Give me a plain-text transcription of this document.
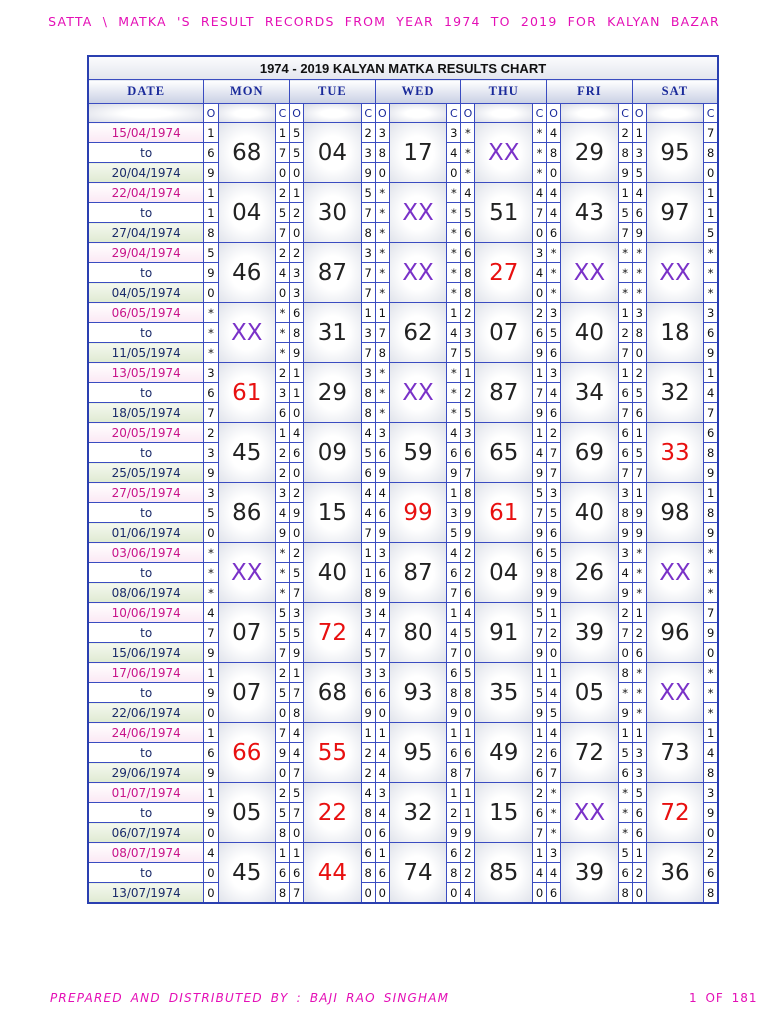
SATTA \ MATKA 'S RESULT RECORDS FROM YEAR 1974 TO 2019 FOR KALYAN BAZAR
1974 - 2019 KALYAN MATKA RESULTS CHART																		
DATE	MON			TUE			WED			THU			FRI			SAT		
	O		C	O		C	O		C	O		C	O		C	O		C
15/04/1974	1	68	1	5	04	2	3	17	3	*	XX	*	4	29	2	1	95	7
to	6		7	5		3	8		4	*		*	8		8	3		8
20/04/1974	9		0	0		9	0		0	*		*	0		9	5		0
22/04/1974	1	04	2	1	30	5	*	XX	*	4	51	4	4	43	1	4	97	1
to	1		5	2		7	*		*	5		7	4		5	6		1
27/04/1974	8		7	0		8	*		*	6		0	6		7	9		5
29/04/1974	5	46	2	2	87	3	*	XX	*	6	27	3	*	XX	*	*	XX	*
to	9		4	3		7	*		*	8		4	*		*	*		*
04/05/1974	0		0	3		7	*		*	8		0	*		*	*		*
06/05/1974	*	XX	*	6	31	1	1	62	1	2	07	2	3	40	1	3	18	3
to	*		*	8		3	7		4	3		6	5		2	8		6
11/05/1974	*		*	9		7	8		7	5		9	6		7	0		9
13/05/1974	3	61	2	1	29	3	*	XX	*	1	87	1	3	34	1	2	32	1
to	6		3	1		8	*		*	2		7	4		6	5		4
18/05/1974	7		6	0		8	*		*	5		9	6		7	6		7
20/05/1974	2	45	1	4	09	4	3	59	4	3	65	1	2	69	6	1	33	6
to	3		2	6		5	6		6	6		4	7		6	5		8
25/05/1974	9		2	0		6	9		9	7		9	7		7	7		9
27/05/1974	3	86	3	2	15	4	4	99	1	8	61	5	3	40	3	1	98	1
to	5		4	9		4	6		3	9		7	5		8	9		8
01/06/1974	0		9	0		7	9		5	9		9	6		9	9		9
03/06/1974	*	XX	*	2	40	1	3	87	4	2	04	6	5	26	3	*	XX	*
to	*		*	5		1	6		6	2		9	8		4	*		*
08/06/1974	*		*	7		8	9		7	6		9	9		9	*		*
10/06/1974	4	07	5	3	72	3	4	80	1	4	91	5	1	39	2	1	96	7
to	7		5	5		4	7		4	5		7	2		7	2		9
15/06/1974	9		7	9		5	7		7	0		9	0		0	6		0
17/06/1974	1	07	2	1	68	3	3	93	6	5	35	1	1	05	8	*	XX	*
to	9		5	7		6	6		8	8		5	4		*	*		*
22/06/1974	0		0	8		9	0		9	0		9	5		9	*		*
24/06/1974	1	66	7	4	55	1	1	95	1	1	49	1	4	72	1	1	73	1
to	6		9	4		2	4		6	6		2	6		5	3		4
29/06/1974	9		0	7		2	4		8	7		6	7		6	3		8
01/07/1974	1	05	2	5	22	4	3	32	1	1	15	2	*	XX	*	5	72	3
to	9		5	7		8	4		2	1		6	*		*	6		9
06/07/1974	0		8	0		0	6		9	9		7	*		*	6		0
08/07/1974	4	45	1	1	44	6	1	74	6	2	85	1	3	39	5	1	36	2
to	0		6	6		8	6		8	2		4	4		6	2		6
13/07/1974	0		8	7		0	0		0	4		0	6		8	0		8
PREPARED AND DISTRIBUTED BY : BAJI RAO SINGHAM	1 OF 181
